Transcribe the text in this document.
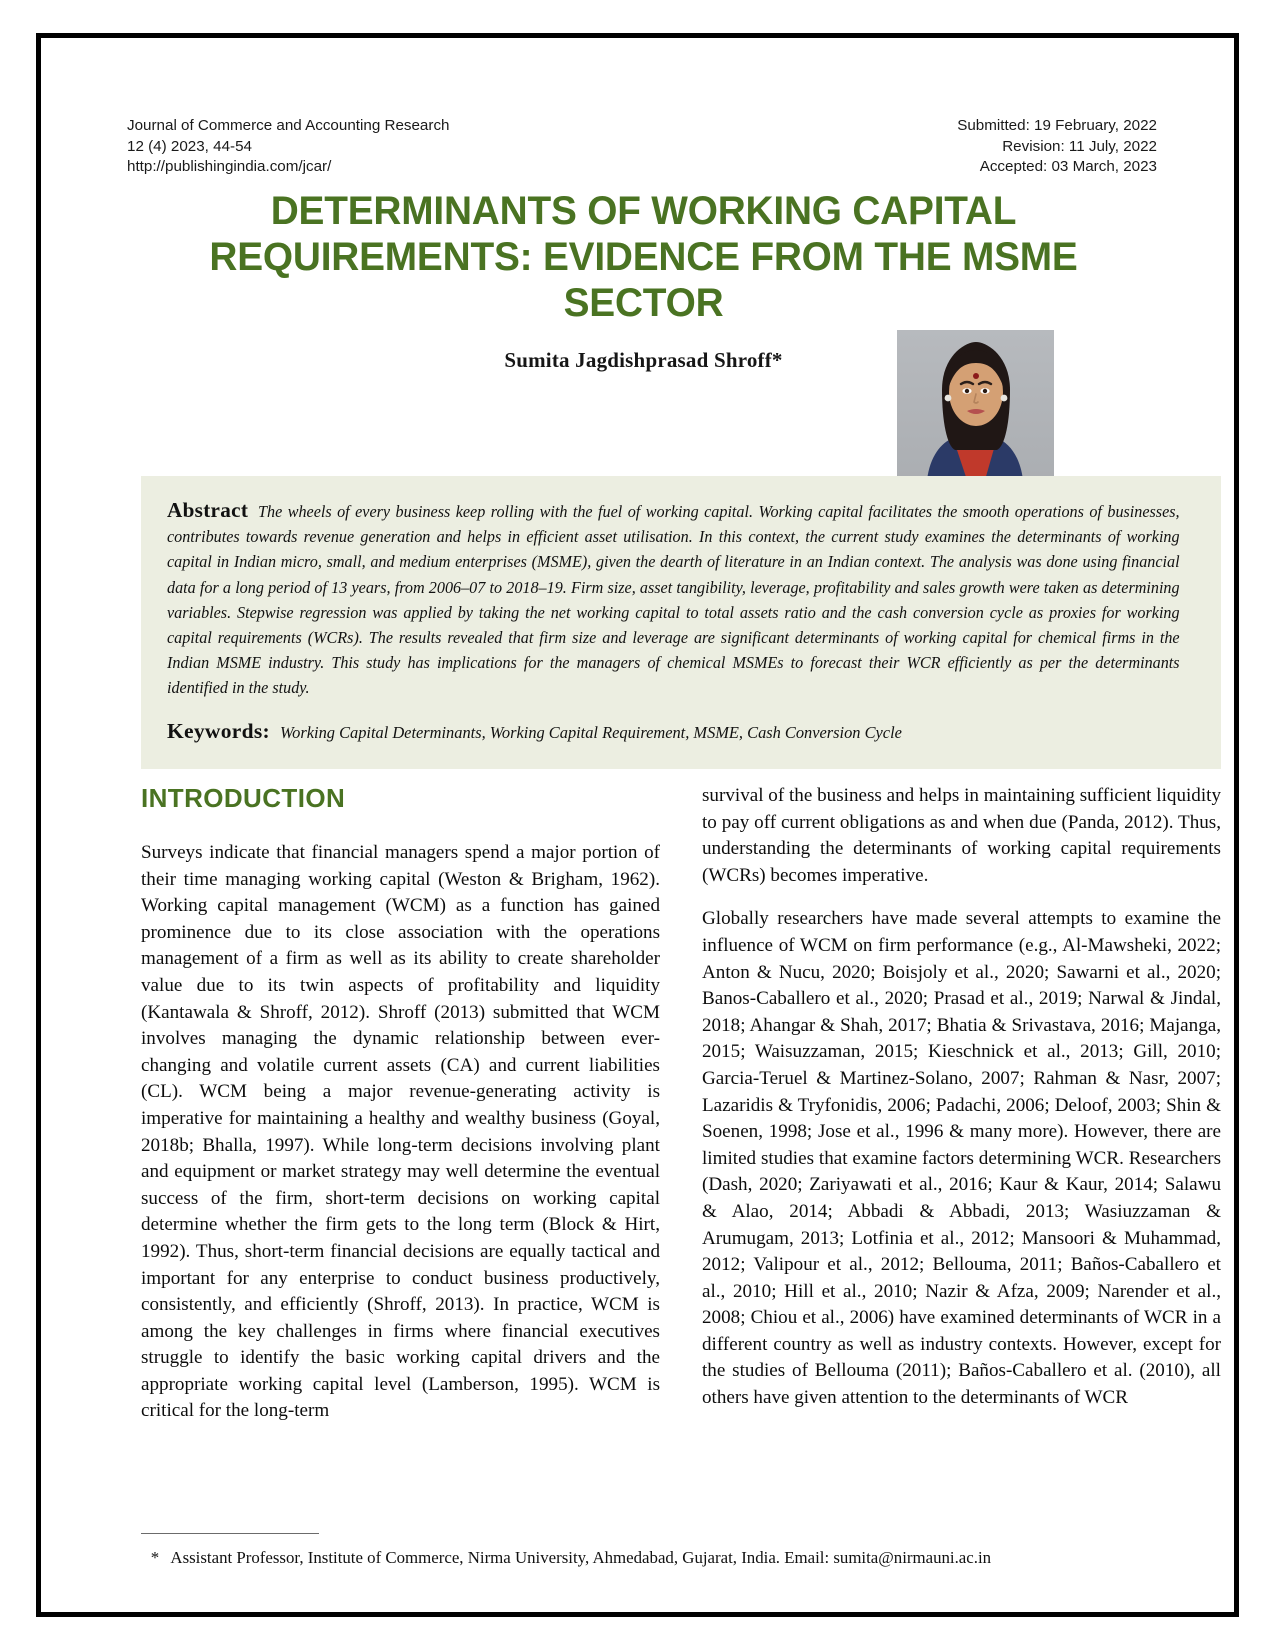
Journal of Commerce and Accounting Research
12 (4) 2023, 44-54
http://publishingindia.com/jcar/
Submitted: 19 February, 2022
Revision: 11 July, 2022
Accepted: 03 March, 2023
DETERMINANTS OF WORKING CAPITAL REQUIREMENTS: EVIDENCE FROM THE MSME SECTOR
Sumita Jagdishprasad Shroff*

Abstract The wheels of every business keep rolling with the fuel of working capital. Working capital facilitates the smooth operations of businesses, contributes towards revenue generation and helps in efficient asset utilisation. In this context, the current study examines the determinants of working capital in Indian micro, small, and medium enterprises (MSME), given the dearth of literature in an Indian context. The analysis was done using financial data for a long period of 13 years, from 2006–07 to 2018–19. Firm size, asset tangibility, leverage, profitability and sales growth were taken as determining variables. Stepwise regression was applied by taking the net working capital to total assets ratio and the cash conversion cycle as proxies for working capital requirements (WCRs). The results revealed that firm size and leverage are significant determinants of working capital for chemical firms in the Indian MSME industry. This study has implications for the managers of chemical MSMEs to forecast their WCR efficiently as per the determinants identified in the study.

Keywords: Working Capital Determinants, Working Capital Requirement, MSME, Cash Conversion Cycle
INTRODUCTION

Surveys indicate that financial managers spend a major portion of their time managing working capital (Weston & Brigham, 1962). Working capital management (WCM) as a function has gained prominence due to its close association with the operations management of a firm as well as its ability to create shareholder value due to its twin aspects of profitability and liquidity (Kantawala & Shroff, 2012). Shroff (2013) submitted that WCM involves managing the dynamic relationship between ever-changing and volatile current assets (CA) and current liabilities (CL). WCM being a major revenue-generating activity is imperative for maintaining a healthy and wealthy business (Goyal, 2018b; Bhalla, 1997). While long-term decisions involving plant and equipment or market strategy may well determine the eventual success of the firm, short-term decisions on working capital determine whether the firm gets to the long term (Block & Hirt, 1992). Thus, short-term financial decisions are equally tactical and important for any enterprise to conduct business productively, consistently, and efficiently (Shroff, 2013). In practice, WCM is among the key challenges in firms where financial executives struggle to identify the basic working capital drivers and the appropriate working capital level (Lamberson, 1995). WCM is critical for the long-term

survival of the business and helps in maintaining sufficient liquidity to pay off current obligations as and when due (Panda, 2012). Thus, understanding the determinants of working capital requirements (WCRs) becomes imperative.

Globally researchers have made several attempts to examine the influence of WCM on firm performance (e.g., Al-Mawsheki, 2022; Anton & Nucu, 2020; Boisjoly et al., 2020; Sawarni et al., 2020; Banos-Caballero et al., 2020; Prasad et al., 2019; Narwal & Jindal, 2018; Ahangar & Shah, 2017; Bhatia & Srivastava, 2016; Majanga, 2015; Waisuzzaman, 2015; Kieschnick et al., 2013; Gill, 2010; Garcia-Teruel & Martinez-Solano, 2007; Rahman & Nasr, 2007; Lazaridis & Tryfonidis, 2006; Padachi, 2006; Deloof, 2003; Shin & Soenen, 1998; Jose et al., 1996 & many more). However, there are limited studies that examine factors determining WCR. Researchers (Dash, 2020; Zariyawati et al., 2016; Kaur & Kaur, 2014; Salawu & Alao, 2014; Abbadi & Abbadi, 2013; Wasiuzzaman & Arumugam, 2013; Lotfinia et al., 2012; Mansoori & Muhammad, 2012; Valipour et al., 2012; Bellouma, 2011; Baños-Caballero et al., 2010; Hill et al., 2010; Nazir & Afza, 2009; Narender et al., 2008; Chiou et al., 2006) have examined determinants of WCR in a different country as well as industry contexts. However, except for the studies of Bellouma (2011); Baños-Caballero et al. (2010), all others have given attention to the determinants of WCR

* Assistant Professor, Institute of Commerce, Nirma University, Ahmedabad, Gujarat, India. Email: sumita@nirmauni.ac.in
